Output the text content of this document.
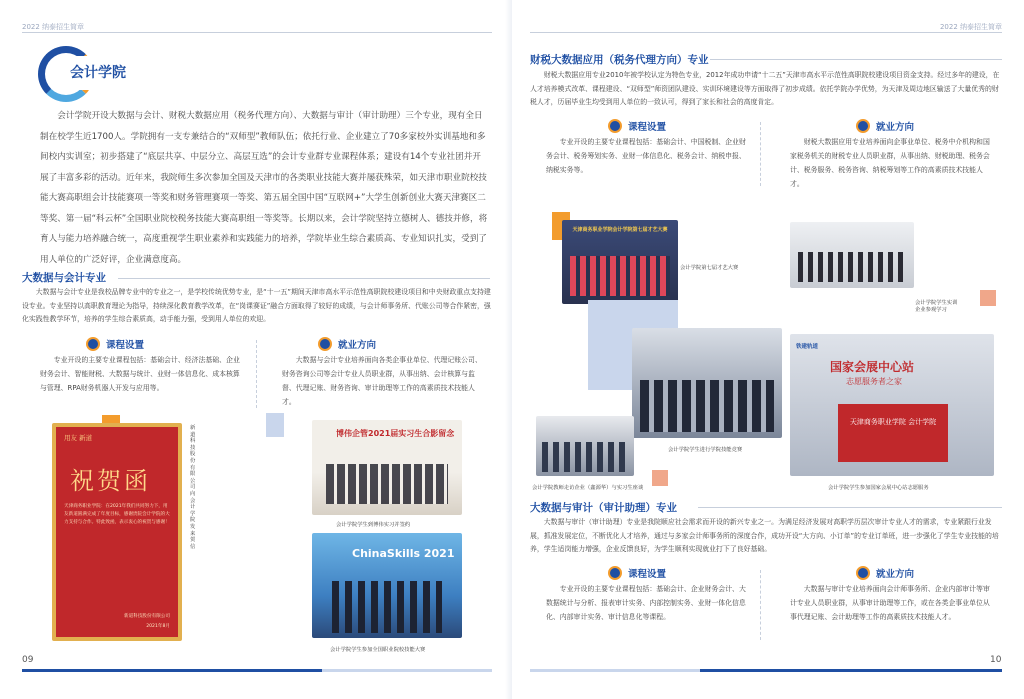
2022 纳泰招生简章
会计学院
会计学院开设大数据与会计、财税大数据应用（税务代理方向）、大数据与审计（审计助理）三个专业，现有全日制在校学生近1700人。学院拥有一支专兼结合的“双师型”教师队伍；依托行业、企业建立了70多家校外实训基地和多间校内实训室；初步搭建了“底层共享、中层分立、高层互选”的会计专业群专业课程体系；建设有14个专业社团并开展了丰富多彩的活动。近年来，我院师生多次参加全国及天津市的各类职业技能大赛并屡获殊荣，如天津市职业院校技能大赛高职组会计技能赛项一等奖和财务管理赛项一等奖、第五届全国中国“互联网+”大学生创新创业大赛天津赛区二等奖、第一届“科云杯”全国职业院校税务技能大赛高职组一等奖等。长期以来，会计学院坚持立德树人、德技并修，将育人与能力培养融合统一，高度重视学生职业素养和实践能力的培养，学院毕业生综合素质高、专业知识扎实，受到了用人单位的广泛好评，企业满意度高。
大数据与会计专业
大数据与会计专业是我校品牌专业中的专业之一，是学校传统优势专业，是“十一五”期间天津市高水平示范性高职院校建设项目和中央财政重点支持建设专业。专业坚持以高职教育理论为指导，持续深化教育教学改革，在“岗课赛证”融合方面取得了较好的成绩，与会计师事务所、代账公司等合作紧密，强化实践性教学环节，培养的学生综合素质高，动手能力强，受到用人单位的欢迎。
课程设置
专业开设的主要专业课程包括：基础会计、经济法基础、企业财务会计、智能财税、大数据与统计、业财一体信息化、成本核算与管理、RPA财务机器人开发与应用等。
就业方向
大数据与会计专业培养面向各类企事业单位、代理记账公司、财务咨询公司等会计专业人员职业群，从事出纳、会计核算与监督、代理记账、财务咨询、审计助理等工作的高素质技术技能人才。
用友 新道
祝贺函
天津商务职业学院：在2021年我们共同努力下，用友新道圆满完成了年度目标，感谢贵院会计学院的大力支持与合作。特此致函，表示衷心的祝贺与感谢！
新道科技股份有限公司
2021年8月
新道科技股份有限公司向会计学院发来贺信
博伟企管2021届实习生合影留念
会计学院学生到博伟实习并签约
ChinaSkills 2021
会计学院学生参加全国职业院校技能大赛
09
2022 纳泰招生简章
财税大数据应用（税务代理方向）专业
财税大数据应用专业2010年被学校认定为特色专业，2012年成功申请“十二五”天津市高水平示范性高职院校建设项目资金支持。经过多年的建设，在人才培养模式改革、课程建设、“双师型”师资团队建设、实训环境建设等方面取得了初步成绩。依托学院办学优势，为天津及周边地区输送了大量优秀的财税人才，历届毕业生均受到用人单位的一致认可，得到了家长和社会的高度肯定。
课程设置
专业开设的主要专业课程包括：基础会计、中国税制、企业财务会计、税务筹划实务、业财一体信息化、税务会计、纳税申报、纳税实务等。
就业方向
财税大数据应用专业培养面向企事业单位、税务中介机构和国家税务机关的财税专业人员职业群，从事出纳、财税助理、税务会计、税务服务、税务咨询、纳税筹划等工作的高素质技术技能人才。
天津商务职业学院会计学院第七届才艺大赛
会计学院第七届才艺大赛
会计学院学生实训
企业参观学习
会计学院学生进行学院技能竞赛
会计学院教师走访企业（鑫源华）与实习生座谈
铁建轨道
国家会展中心站
志愿服务者之家
天津商务职业学院 会计学院
会计学院学生参加国家会展中心站志愿服务
大数据与审计（审计助理）专业
大数据与审计（审计助理）专业是我院顺应社会需求而开设的新兴专业之一。为满足经济发展对高职学历层次审计专业人才的需求，专业紧跟行业发展，抓准发展定位，不断优化人才培养，通过与多家会计师事务所的深度合作，成功开设“大方向、小订单”的专业订单班，进一步强化了学生专业技能的培养，学生适岗能力增强，企业反馈良好，为学生顺利实现就业打下了良好基础。
课程设置
专业开设的主要专业课程包括：基础会计、企业财务会计、大数据统计与分析、报表审计实务、内部控制实务、业财一体化信息化、内部审计实务、审计信息化等课程。
就业方向
大数据与审计专业培养面向会计师事务所、企业内部审计等审计专业人员职业群，从事审计助理等工作，或在各类企事业单位从事代理记账、会计助理等工作的高素质技术技能人才。
10
